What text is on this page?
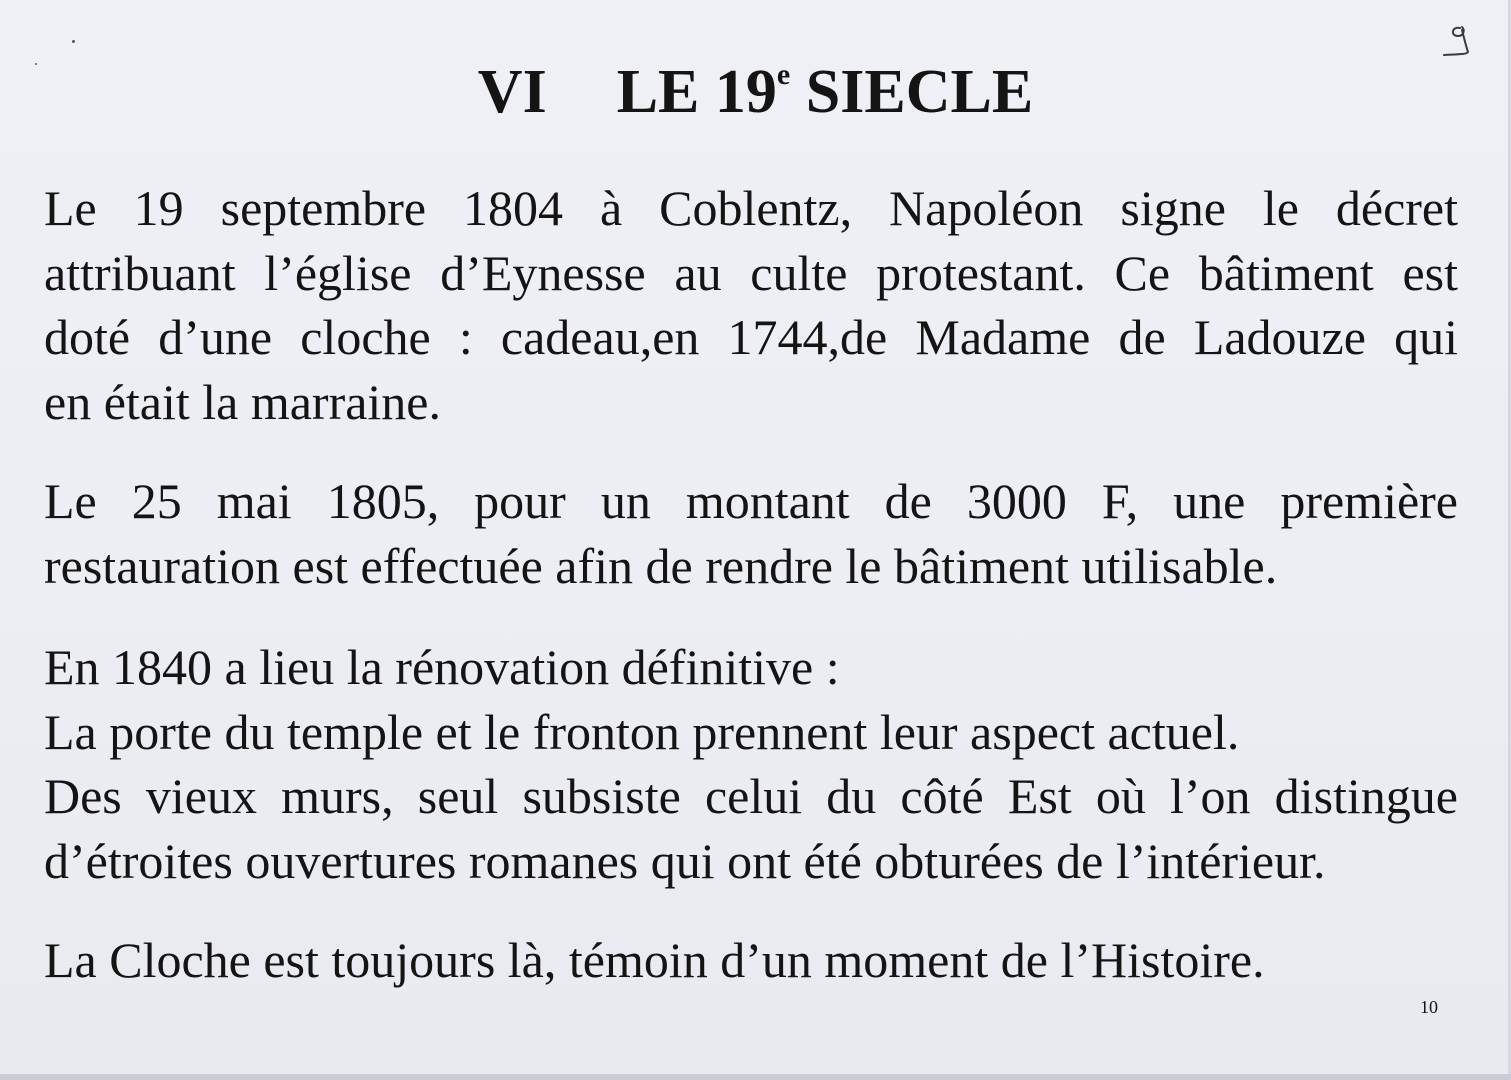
VI LE 19e SIECLE

Le 19 septembre 1804 à Coblentz, Napoléon signe le décret
attribuant l’église d’Eynesse au culte protestant. Ce bâtiment est
doté d’une cloche : cadeau,en 1744,de Madame de Ladouze qui
en était la marraine.

Le 25 mai 1805, pour un montant de 3000 F, une première
restauration est effectuée afin de rendre le bâtiment utilisable.

En 1840 a lieu la rénovation définitive :
La porte du temple et le fronton prennent leur aspect actuel.
Des vieux murs, seul subsiste celui du côté Est où l’on distingue
d’étroites ouvertures romanes qui ont été obturées de l’intérieur.

La Cloche est toujours là, témoin d’un moment de l’Histoire.

10
